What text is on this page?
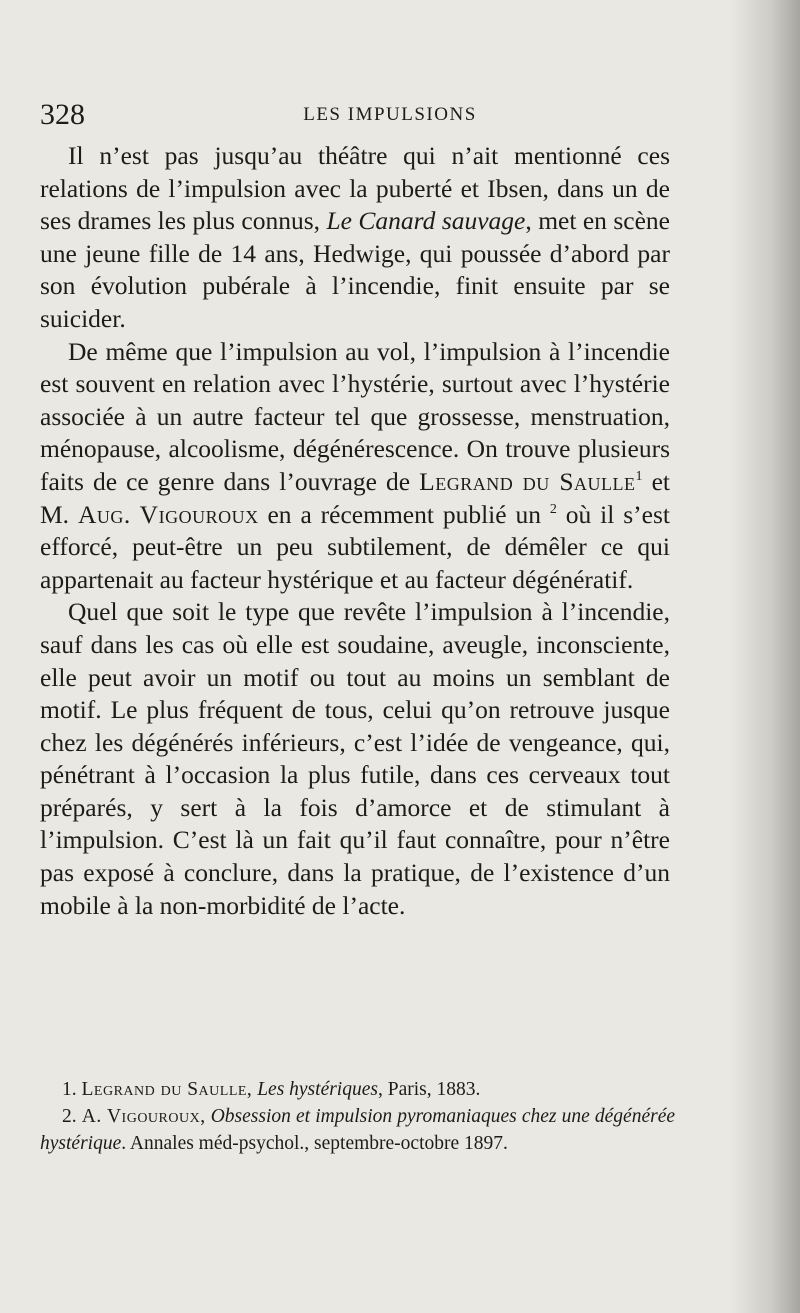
328	LES IMPULSIONS

Il n’est pas jusqu’au théâtre qui n’ait mentionné ces relations de l’impulsion avec la puberté et Ibsen, dans un de ses drames les plus connus, Le Canard sauvage, met en scène une jeune fille de 14 ans, Hedwige, qui poussée d’abord par son évolution pubérale à l’incendie, finit ensuite par se suicider.

De même que l’impulsion au vol, l’impulsion à l’incendie est souvent en relation avec l’hystérie, surtout avec l’hystérie associée à un autre facteur tel que grossesse, menstruation, ménopause, alcoolisme, dégénérescence. On trouve plusieurs faits de ce genre dans l’ouvrage de Legrand du Saulle$^1$ et M. Aug. Vigouroux en a récemment publié un $^2$ où il s’est efforcé, peut-être un peu subtilement, de démêler ce qui appartenait au facteur hystérique et au facteur dégénératif.

Quel que soit le type que revête l’impulsion à l’incendie, sauf dans les cas où elle est soudaine, aveugle, inconsciente, elle peut avoir un motif ou tout au moins un semblant de motif. Le plus fréquent de tous, celui qu’on retrouve jusque chez les dégénérés inférieurs, c’est l’idée de vengeance, qui, pénétrant à l’occasion la plus futile, dans ces cerveaux tout préparés, y sert à la fois d’amorce et de stimulant à l’impulsion. C’est là un fait qu’il faut connaître, pour n’être pas exposé à conclure, dans la pratique, de l’existence d’un mobile à la non-morbidité de l’acte.

1. Legrand du Saulle, Les hystériques, Paris, 1883.

2. A. Vigouroux, Obsession et impulsion pyromaniaques chez une dégénérée hystérique. Annales méd-psychol., septembre-octobre 1897.
